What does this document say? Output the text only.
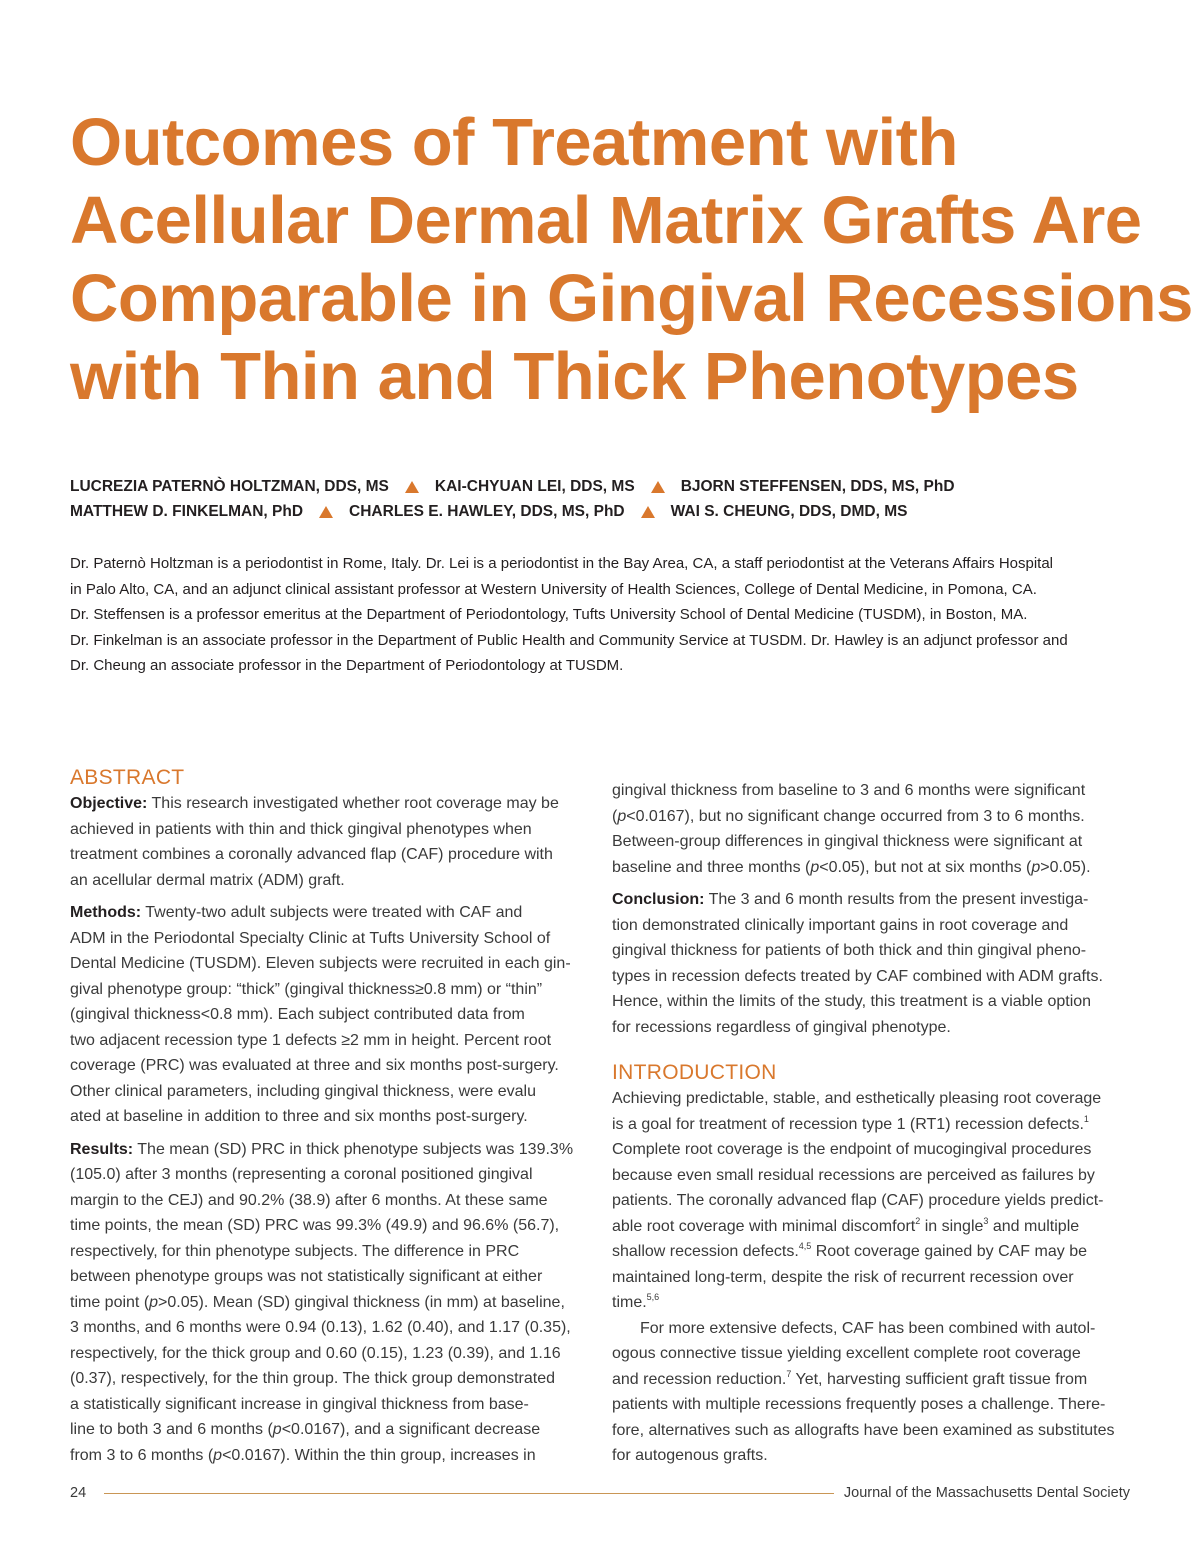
Outcomes of Treatment with
Acellular Dermal Matrix Grafts Are
Comparable in Gingival Recessions
with Thin and Thick Phenotypes
LUCREZIA PATERNÒ HOLTZMAN, DDS, MS	KAI-CHYUAN LEI, DDS, MS	BJORN STEFFENSEN, DDS, MS, PhD
MATTHEW D. FINKELMAN, PhD	CHARLES E. HAWLEY, DDS, MS, PhD	WAI S. CHEUNG, DDS, DMD, MS

Dr. Paternò Holtzman is a periodontist in Rome, Italy. Dr. Lei is a periodontist in the Bay Area, CA, a staff periodontist at the Veterans Affairs Hospital

in Palo Alto, CA, and an adjunct clinical assistant professor at Western University of Health Sciences, College of Dental Medicine, in Pomona, CA.

Dr. Steffensen is a professor emeritus at the Department of Periodontology, Tufts University School of Dental Medicine (TUSDM), in Boston, MA.

Dr. Finkelman is an associate professor in the Department of Public Health and Community Service at TUSDM. Dr. Hawley is an adjunct professor and

Dr. Cheung an associate professor in the Department of Periodontology at TUSDM.

ABSTRACT

Objective: This research investigated whether root coverage may be

achieved in patients with thin and thick gingival phenotypes when

treatment combines a coronally advanced flap (CAF) procedure with

an acellular dermal matrix (ADM) graft.

Methods: Twenty-two adult subjects were treated with CAF and

ADM in the Periodontal Specialty Clinic at Tufts University School of

Dental Medicine (TUSDM). Eleven subjects were recruited in each gin-

gival phenotype group: “thick” (gingival thickness≥0.8 mm) or “thin”

(gingival thickness<0.8 mm). Each subject contributed data from

two adjacent recession type 1 defects ≥2 mm in height. Percent root

coverage (PRC) was evaluated at three and six months post-surgery.

Other clinical parameters, including gingival thickness, were evalu

ated at baseline in addition to three and six months post-surgery.

Results: The mean (SD) PRC in thick phenotype subjects was 139.3%

(105.0) after 3 months (representing a coronal positioned gingival

margin to the CEJ) and 90.2% (38.9) after 6 months. At these same

time points, the mean (SD) PRC was 99.3% (49.9) and 96.6% (56.7),

respectively, for thin phenotype subjects. The difference in PRC

between phenotype groups was not statistically significant at either

time point (p>0.05). Mean (SD) gingival thickness (in mm) at baseline,

3 months, and 6 months were 0.94 (0.13), 1.62 (0.40), and 1.17 (0.35),

respectively, for the thick group and 0.60 (0.15), 1.23 (0.39), and 1.16

(0.37), respectively, for the thin group. The thick group demonstrated

a statistically significant increase in gingival thickness from base-

line to both 3 and 6 months (p<0.0167), and a significant decrease

from 3 to 6 months (p<0.0167). Within the thin group, increases in

gingival thickness from baseline to 3 and 6 months were significant

(p<0.0167), but no significant change occurred from 3 to 6 months.

Between-group differences in gingival thickness were significant at

baseline and three months (p<0.05), but not at six months (p>0.05).

Conclusion: The 3 and 6 month results from the present investiga-

tion demonstrated clinically important gains in root coverage and

gingival thickness for patients of both thick and thin gingival pheno-

types in recession defects treated by CAF combined with ADM grafts.

Hence, within the limits of the study, this treatment is a viable option

for recessions regardless of gingival phenotype.

INTRODUCTION

Achieving predictable, stable, and esthetically pleasing root coverage

is a goal for treatment of recession type 1 (RT1) recession defects.$^1$

Complete root coverage is the endpoint of mucogingival procedures

because even small residual recessions are perceived as failures by

patients. The coronally advanced flap (CAF) procedure yields predict-

able root coverage with minimal discomfort$^2$ in single$^3$ and multiple

shallow recession defects.$^{4,5}$ Root coverage gained by CAF may be

maintained long-term, despite the risk of recurrent recession over

time.$^{5,6}$

For more extensive defects, CAF has been combined with autol-

ogous connective tissue yielding excellent complete root coverage

and recession reduction.$^7$ Yet, harvesting sufficient graft tissue from

patients with multiple recessions frequently poses a challenge. There-

fore, alternatives such as allografts have been examined as substitutes

for autogenous grafts.

24	Journal of the Massachusetts Dental Society
